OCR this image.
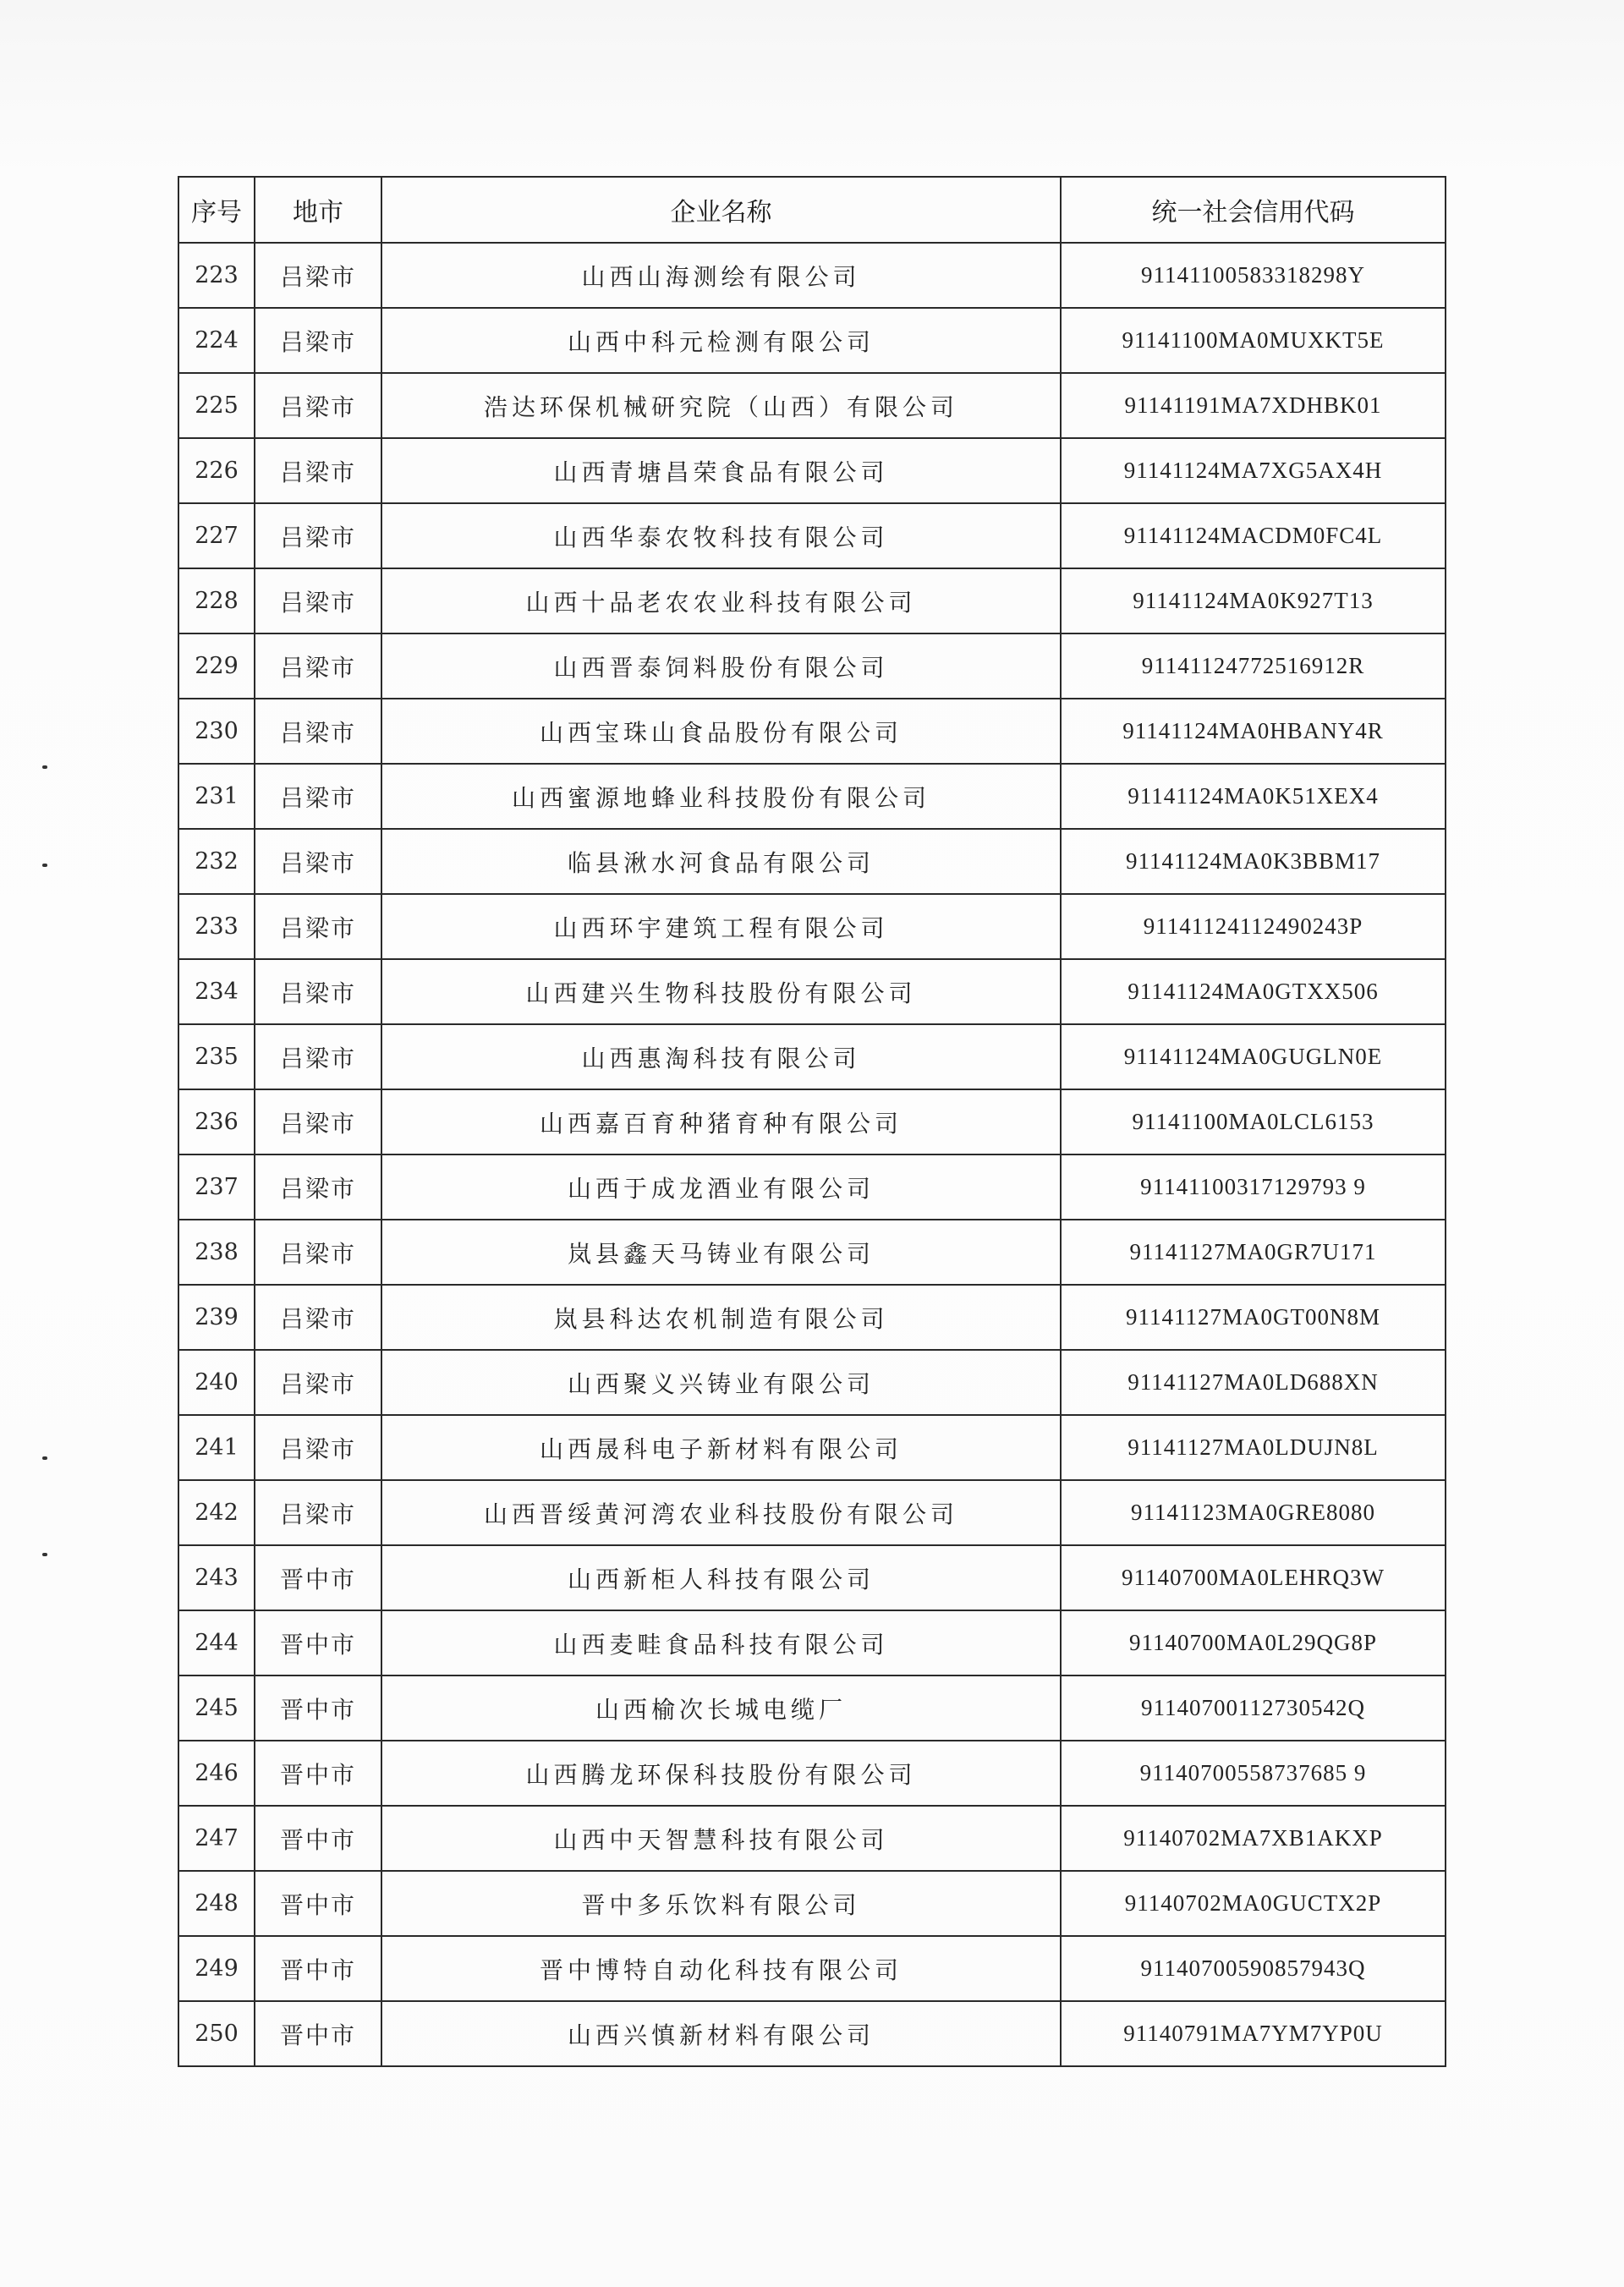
序号	地市	企业名称	统一社会信用代码
223	吕梁市	山西山海测绘有限公司	91141100583318298Y
224	吕梁市	山西中科元检测有限公司	91141100MA0MUXKT5E
225	吕梁市	浩达环保机械研究院（山西）有限公司	91141191MA7XDHBK01
226	吕梁市	山西青塘昌荣食品有限公司	91141124MA7XG5AX4H
227	吕梁市	山西华泰农牧科技有限公司	91141124MACDM0FC4L
228	吕梁市	山西十品老农农业科技有限公司	91141124MA0K927T13
229	吕梁市	山西晋泰饲料股份有限公司	91141124772516912R
230	吕梁市	山西宝珠山食品股份有限公司	91141124MA0HBANY4R
231	吕梁市	山西蜜源地蜂业科技股份有限公司	91141124MA0K51XEX4
232	吕梁市	临县湫水河食品有限公司	91141124MA0K3BBM17
233	吕梁市	山西环宇建筑工程有限公司	91141124112490243P
234	吕梁市	山西建兴生物科技股份有限公司	91141124MA0GTXX506
235	吕梁市	山西惠淘科技有限公司	91141124MA0GUGLN0E
236	吕梁市	山西嘉百育种猪育种有限公司	91141100MA0LCL6153
237	吕梁市	山西于成龙酒业有限公司	91141100317129793 9
238	吕梁市	岚县鑫天马铸业有限公司	91141127MA0GR7U171
239	吕梁市	岚县科达农机制造有限公司	91141127MA0GT00N8M
240	吕梁市	山西聚义兴铸业有限公司	91141127MA0LD688XN
241	吕梁市	山西晟科电子新材料有限公司	91141127MA0LDUJN8L
242	吕梁市	山西晋绥黄河湾农业科技股份有限公司	91141123MA0GRE8080
243	晋中市	山西新柜人科技有限公司	91140700MA0LEHRQ3W
244	晋中市	山西麦畦食品科技有限公司	91140700MA0L29QG8P
245	晋中市	山西榆次长城电缆厂	91140700112730542Q
246	晋中市	山西腾龙环保科技股份有限公司	91140700558737685 9
247	晋中市	山西中天智慧科技有限公司	91140702MA7XB1AKXP
248	晋中市	晋中多乐饮料有限公司	91140702MA0GUCTX2P
249	晋中市	晋中博特自动化科技有限公司	91140700590857943Q
250	晋中市	山西兴慎新材料有限公司	91140791MA7YM7YP0U
